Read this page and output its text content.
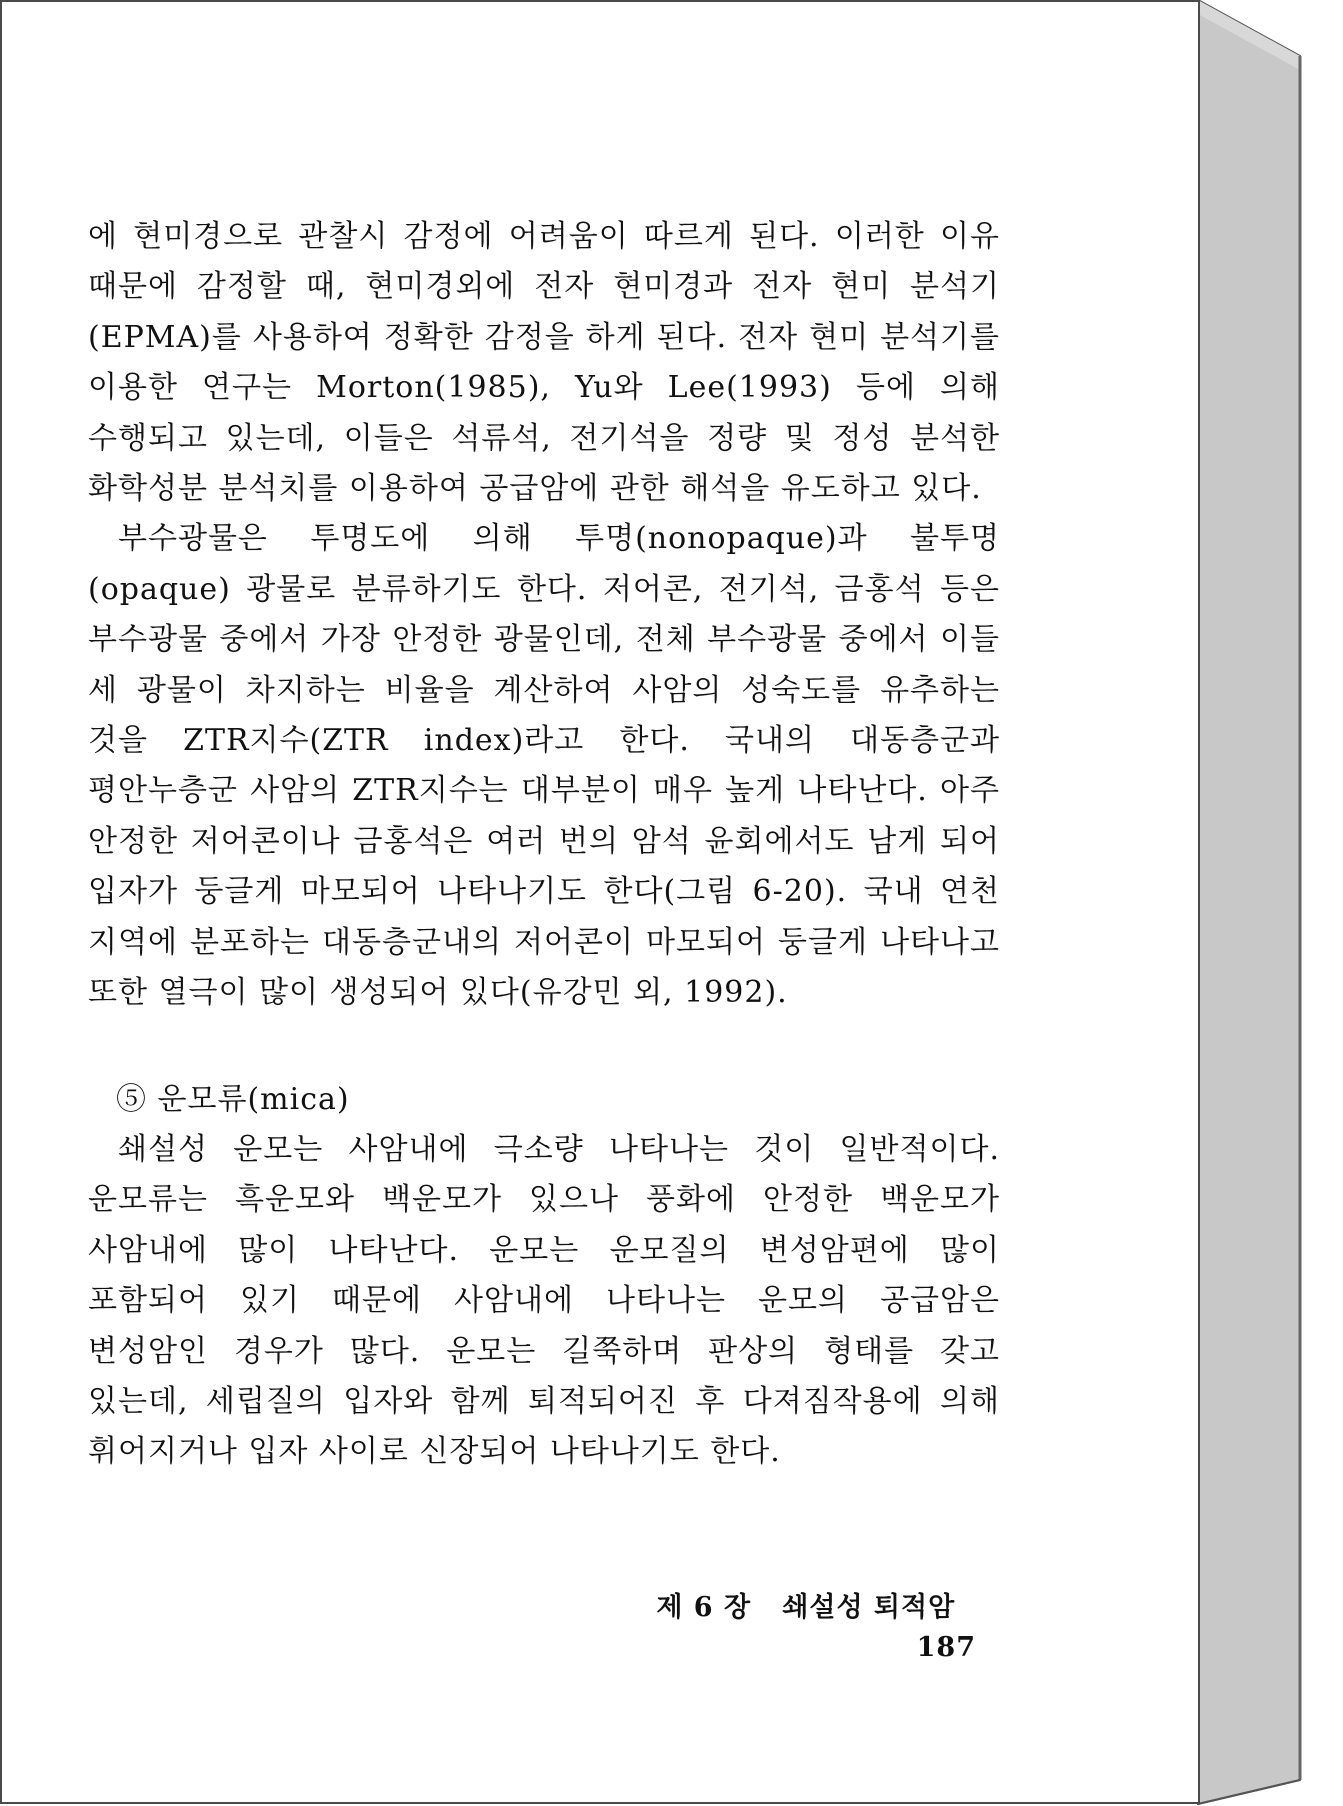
에 현미경으로 관찰시 감정에 어려움이 따르게 된다. 이러한 이유 때문에 감정할 때, 현미경외에 전자 현미경과 전자 현미 분석기(EPMA)를 사용하여 정확한 감정을 하게 된다. 전자 현미 분석기를 이용한 연구는 Morton(1985), Yu와 Lee(1993) 등에 의해 수행되고 있는데, 이들은 석류석, 전기석을 정량 및 정성 분석한 화학성분 분석치를 이용하여 공급암에 관한 해석을 유도하고 있다.

부수광물은 투명도에 의해 투명(nonopaque)과 불투명(opaque) 광물로 분류하기도 한다. 저어콘, 전기석, 금홍석 등은 부수광물 중에서 가장 안정한 광물인데, 전체 부수광물 중에서 이들 세 광물이 차지하는 비율을 계산하여 사암의 성숙도를 유추하는 것을 ZTR지수(ZTR index)라고 한다. 국내의 대동층군과 평안누층군 사암의 ZTR지수는 대부분이 매우 높게 나타난다. 아주 안정한 저어콘이나 금홍석은 여러 번의 암석 윤회에서도 남게 되어 입자가 둥글게 마모되어 나타나기도 한다(그림 6-20). 국내 연천 지역에 분포하는 대동층군내의 저어콘이 마모되어 둥글게 나타나고 또한 열극이 많이 생성되어 있다(유강민 외, 1992).

⑤ 운모류(mica)

쇄설성 운모는 사암내에 극소량 나타나는 것이 일반적이다. 운모류는 흑운모와 백운모가 있으나 풍화에 안정한 백운모가 사암내에 많이 나타난다. 운모는 운모질의 변성암편에 많이 포함되어 있기 때문에 사암내에 나타나는 운모의 공급암은 변성암인 경우가 많다. 운모는 길쭉하며 판상의 형태를 갖고 있는데, 세립질의 입자와 함께 퇴적되어진 후 다져짐작용에 의해 휘어지거나 입자 사이로 신장되어 나타나기도 한다.

제 6 장 쇄설성 퇴적암   187
